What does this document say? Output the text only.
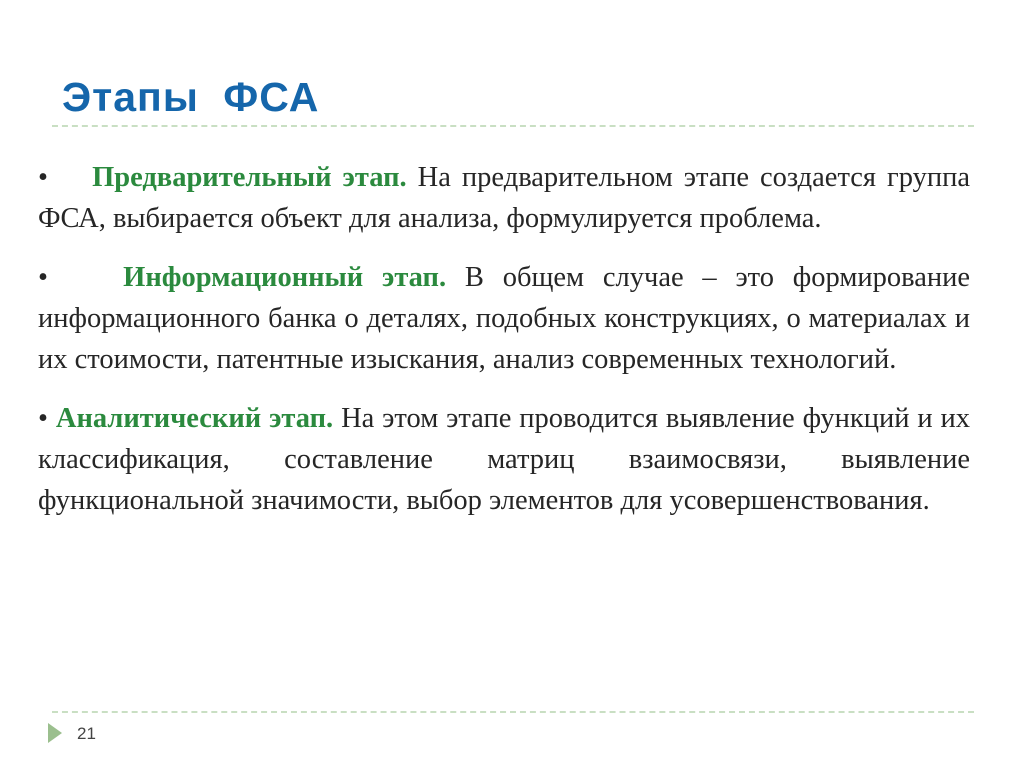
Этапы ФСА

• Предварительный этап. На предварительном этапе создается группа ФСА, выбирается объект для анализа, формулируется проблема.

•	Информационный этап. В общем случае – это формирование информационного банка о деталях, подобных конструкциях, о материалах и их стоимости, патентные изыскания, анализ современных технологий.

• Аналитический этап. На этом этапе проводится выявление функций и их классификация, составление матриц взаимосвязи, выявление функциональной значимости, выбор элементов для усовершенствования.

21
